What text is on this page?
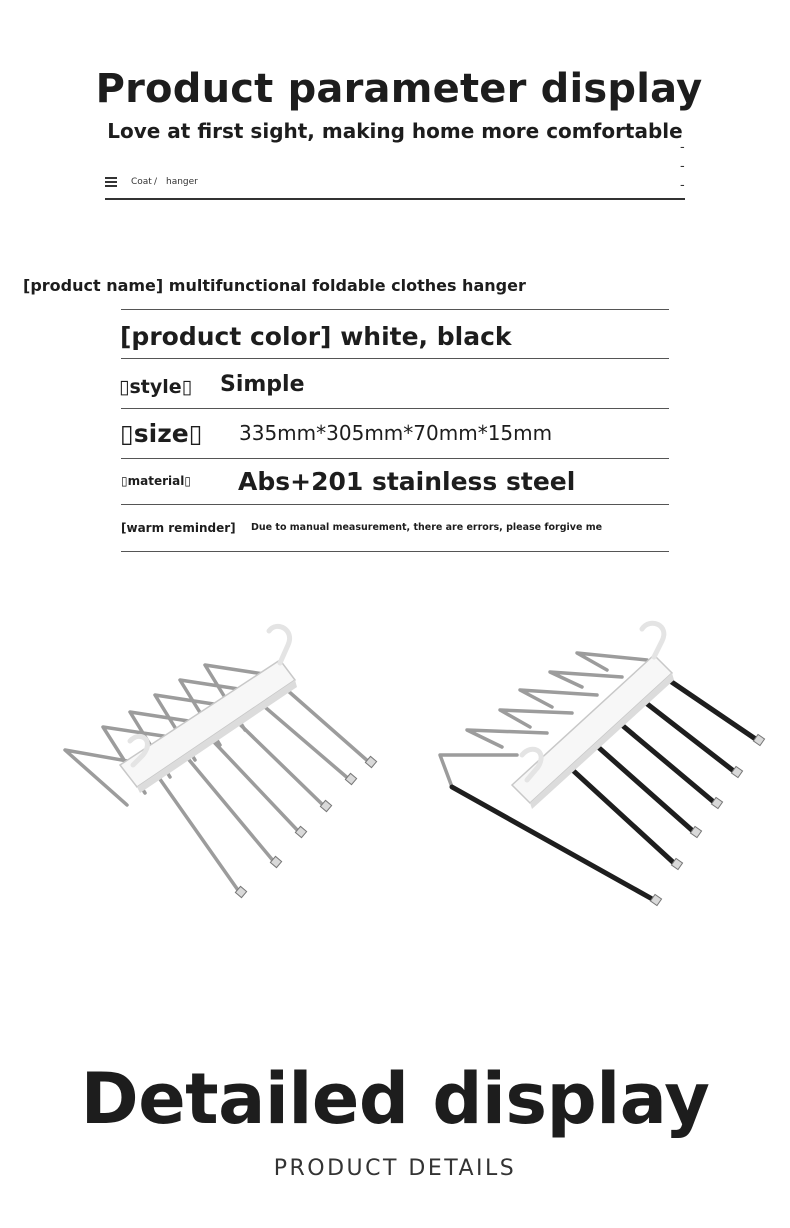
Product parameter display
Love at first sight, making home more comfortable
-
-
-
Coat / hanger
[product name] multifunctional foldable clothes hanger
[product color] white, black
▯style▯ Simple
▯size▯ 335mm*305mm*70mm*15mm
▯material▯ Abs+201 stainless steel
[warm reminder] Due to manual measurement, there are errors, please forgive me
Detailed display
PRODUCT DETAILS
